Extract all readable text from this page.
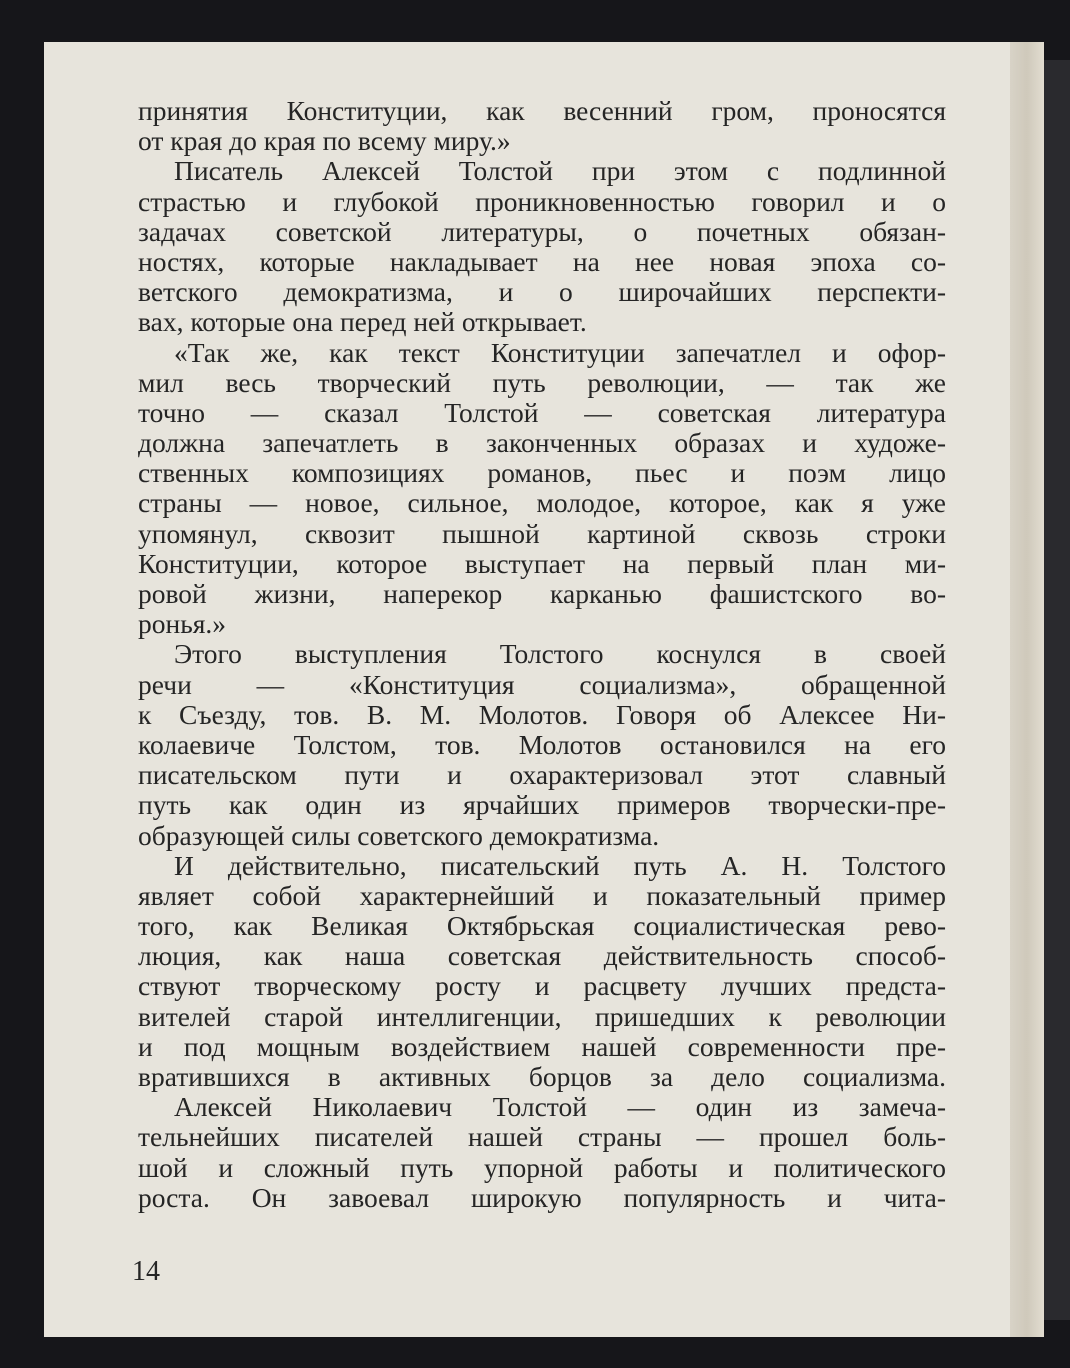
принятия Конституции, как весенний гром, проносятся
от края до края по всему миру.»
Писатель Алексей Толстой при этом с подлинной
страстью и глубокой проникновенностью говорил и о
задачах советской литературы, о почетных обязан-
ностях, которые накладывает на нее новая эпоха со-
ветского демократизма, и о широчайших перспекти-
вах, которые она перед ней открывает.
«Так же, как текст Конституции запечатлел и офор-
мил весь творческий путь революции, — так же
точно — сказал Толстой — советская литература
должна запечатлеть в законченных образах и художе-
ственных композициях романов, пьес и поэм лицо
страны — новое, сильное, молодое, которое, как я уже
упомянул, сквозит пышной картиной сквозь строки
Конституции, которое выступает на первый план ми-
ровой жизни, наперекор карканью фашистского во-
ронья.»
Этого выступления Толстого коснулся в своей
речи — «Конституция социализма», обращенной
к Съезду, тов. В. М. Молотов. Говоря об Алексее Ни-
колаевиче Толстом, тов. Молотов остановился на его
писательском пути и охарактеризовал этот славный
путь как один из ярчайших примеров творчески-пре-
образующей силы советского демократизма.
И действительно, писательский путь А. Н. Толстого
являет собой характернейший и показательный пример
того, как Великая Октябрьская социалистическая рево-
люция, как наша советская действительность способ-
ствуют творческому росту и расцвету лучших предста-
вителей старой интеллигенции, пришедших к революции
и под мощным воздействием нашей современности пре-
вратившихся в активных борцов за дело социализма.
Алексей Николаевич Толстой — один из замеча-
тельнейших писателей нашей страны — прошел боль-
шой и сложный путь упорной работы и политического
роста. Он завоевал широкую популярность и чита-
14
